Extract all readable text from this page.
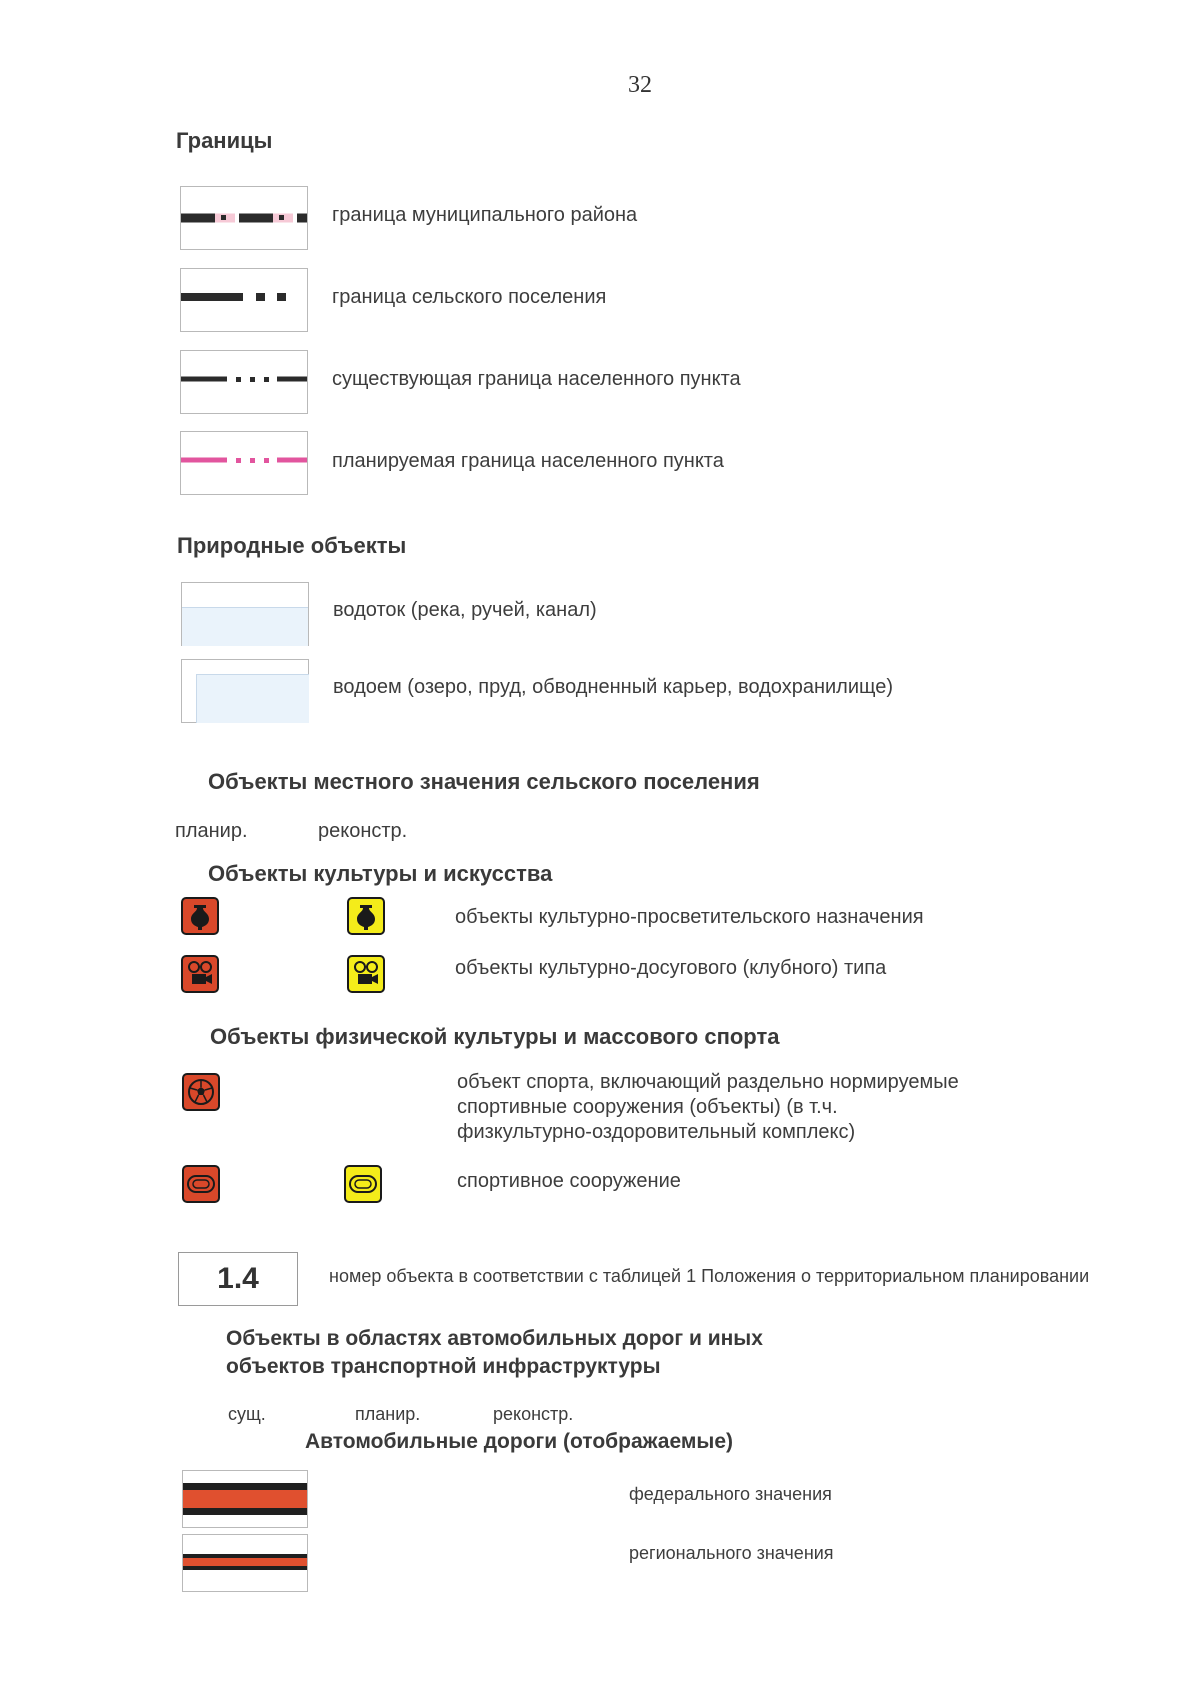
32
Границы
граница муниципального района
граница сельского поселения
существующая граница населенного пункта
планируемая граница населенного пункта
Природные объекты
водоток (река, ручей, канал)
водоем (озеро, пруд, обводненный карьер, водохранилище)
Объекты местного значения сельского поселения
планир.	реконстр.
Объекты культуры и искусства
объекты культурно-просветительского назначения
объекты культурно-досугового (клубного) типа
Объекты физической культуры и массового спорта
объект спорта, включающий раздельно нормируемые
спортивные сооружения (объекты) (в т.ч.
физкультурно-оздоровительный комплекс)
спортивное сооружение
1.4	номер объекта в соответствии с таблицей 1 Положения о территориальном планировании
Объекты в областях автомобильных дорог и иных
объектов транспортной инфраструктуры
сущ.	планир.	реконстр.
Автомобильные дороги (отображаемые)
федерального значения
регионального значения
